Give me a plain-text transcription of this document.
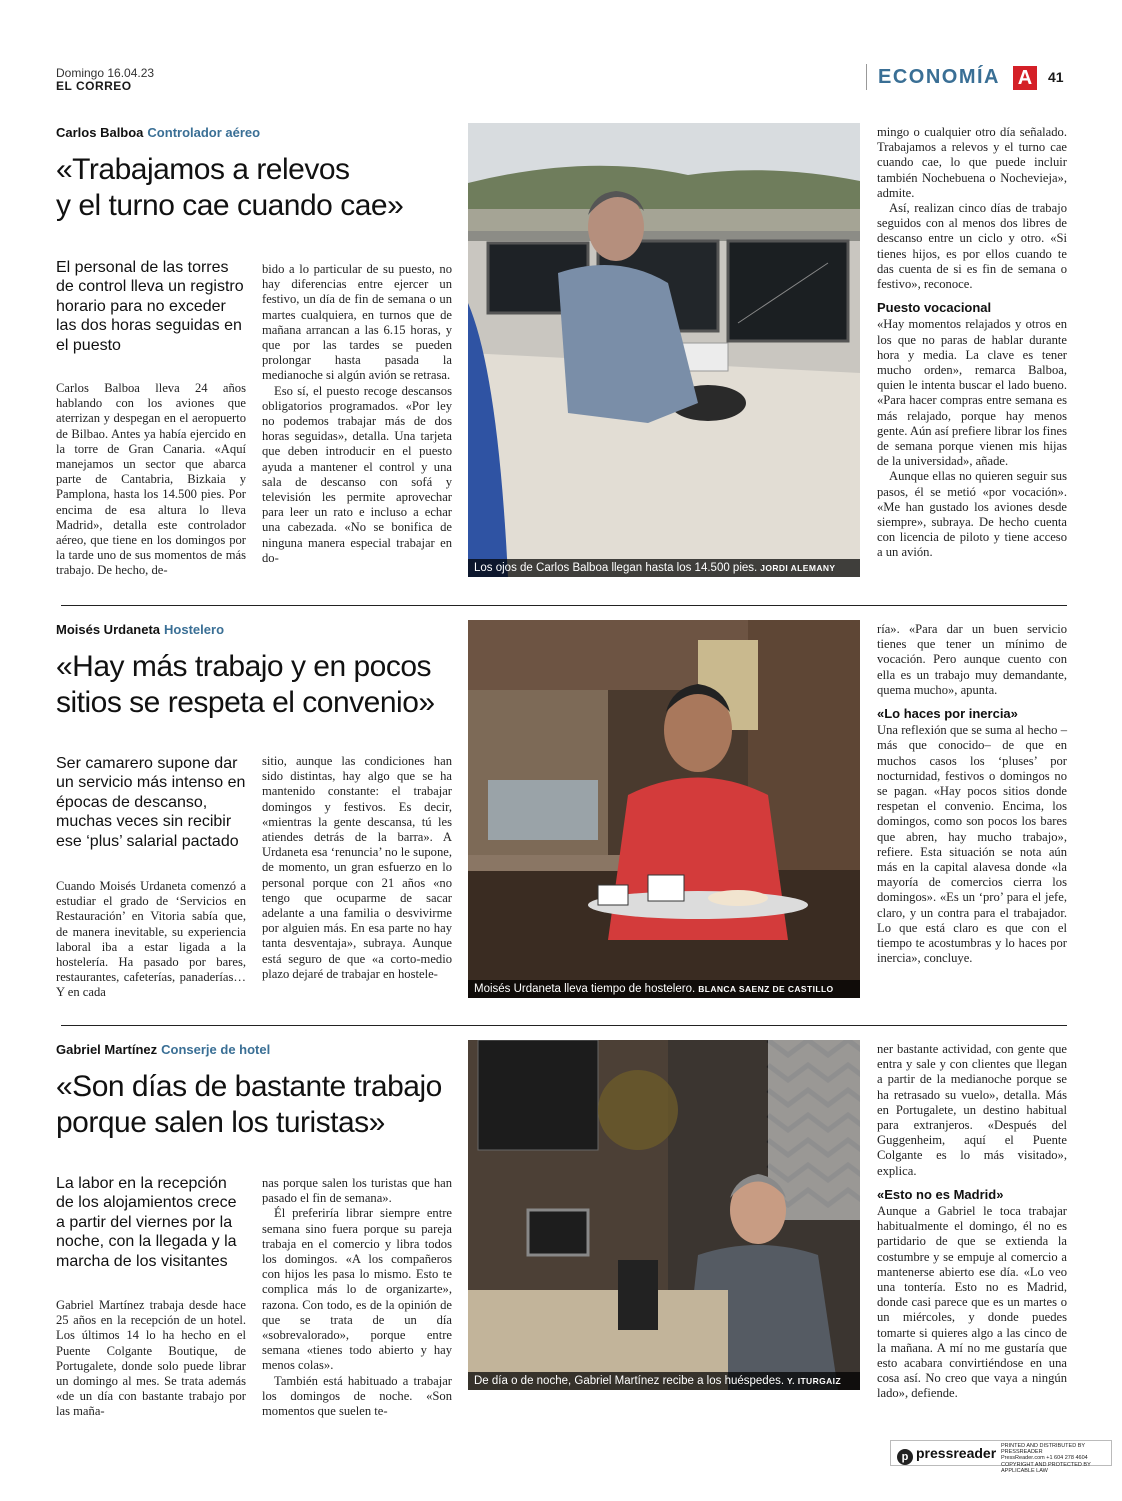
Domingo 16.04.23
EL CORREO	ECONOMÍA A	41
Carlos Balboa Controlador aéreo
«Trabajamos a relevos
y el turno cae cuando cae»
El personal de las torres de control lleva un registro horario para no exceder las dos horas seguidas en el puesto

Carlos Balboa lleva 24 años hablando con los aviones que aterrizan y despegan en el aeropuerto de Bilbao. Antes ya había ejercido en la torre de Gran Canaria. «Aquí manejamos un sector que abarca parte de Cantabria, Bizkaia y Pamplona, hasta los 14.500 pies. Por encima de esa altura lo lleva Madrid», detalla este controlador aéreo, que tiene en los domingos por la tarde uno de sus momentos de más trabajo. De hecho, de-

bido a lo particular de su puesto, no hay diferencias entre ejercer un festivo, un día de fin de semana o un martes cualquiera, en turnos que de mañana arrancan a las 6.15 horas, y que por las tardes se pueden prolongar hasta pasada la medianoche si algún avión se retrasa.

Eso sí, el puesto recoge descansos obligatorios programados. «Por ley no podemos trabajar más de dos horas seguidas», detalla. Una tarjeta que deben introducir en el puesto ayuda a mantener el control y una sala de descanso con sofá y televisión les permite aprovechar para leer un rato e incluso a echar una cabezada. «No se bonifica de ninguna manera especial trabajar en do-

Los ojos de Carlos Balboa llegan hasta los 14.500 pies. JORDI ALEMANY

mingo o cualquier otro día señalado. Trabajamos a relevos y el turno cae cuando cae, lo que puede incluir también Nochebuena o Nochevieja», admite.

Así, realizan cinco días de trabajo seguidos con al menos dos libres de descanso entre un ciclo y otro. «Si tienes hijos, es por ellos cuando te das cuenta de si es fin de semana o festivo», reconoce.

Puesto vocacional

«Hay momentos relajados y otros en los que no paras de hablar durante hora y media. La clave es tener mucho orden», remarca Balboa, quien le intenta buscar el lado bueno. «Para hacer compras entre semana es más relajado, porque hay menos gente. Aún así prefiere librar los fines de semana porque vienen mis hijas de la universidad», añade.

Aunque ellas no quieren seguir sus pasos, él se metió «por vocación». «Me han gustado los aviones desde siempre», subraya. De hecho cuenta con licencia de piloto y tiene acceso a un avión.

Moisés Urdaneta Hostelero
«Hay más trabajo y en pocos
sitios se respeta el convenio»
Ser camarero supone dar un servicio más intenso en épocas de descanso, muchas veces sin recibir ese ‘plus’ salarial pactado

Cuando Moisés Urdaneta comenzó a estudiar el grado de ‘Servicios en Restauración’ en Vitoria sabía que, de manera inevitable, su experiencia laboral iba a estar ligada a la hostelería. Ha pasado por bares, restaurantes, cafeterías, panaderías… Y en cada

sitio, aunque las condiciones han sido distintas, hay algo que se ha mantenido constante: el trabajar domingos y festivos. Es decir, «mientras la gente descansa, tú les atiendes detrás de la barra». A Urdaneta esa ‘renuncia’ no le supone, de momento, un gran esfuerzo en lo personal porque con 21 años «no tengo que ocuparme de sacar adelante a una familia o desvivirme por alguien más. En esa parte no hay tanta desventaja», subraya. Aunque está seguro de que «a corto-medio plazo dejaré de trabajar en hostele-

Moisés Urdaneta lleva tiempo de hostelero. BLANCA SAENZ DE CASTILLO

ría». «Para dar un buen servicio tienes que tener un mínimo de vocación. Pero aunque cuento con ella es un trabajo muy demandante, quema mucho», apunta.

«Lo haces por inercia»

Una reflexión que se suma al hecho –más que conocido– de que en muchos casos los ‘pluses’ por nocturnidad, festivos o domingos no se pagan. «Hay pocos sitios donde respetan el convenio. Encima, los domingos, como son pocos los bares que abren, hay mucho trabajo», refiere. Esta situación se nota aún más en la capital alavesa donde «la mayoría de comercios cierra los domingos». «Es un ‘pro’ para el jefe, claro, y un contra para el trabajador. Lo que está claro es que con el tiempo te acostumbras y lo haces por inercia», concluye.

Gabriel Martínez Conserje de hotel
«Son días de bastante trabajo
porque salen los turistas»
La labor en la recepción de los alojamientos crece a partir del viernes por la noche, con la llegada y la marcha de los visitantes

Gabriel Martínez trabaja desde hace 25 años en la recepción de un hotel. Los últimos 14 lo ha hecho en el Puente Colgante Boutique, de Portugalete, donde solo puede librar un domingo al mes. Se trata además «de un día con bastante trabajo por las maña-

nas porque salen los turistas que han pasado el fin de semana».

Él preferiría librar siempre entre semana sino fuera porque su pareja trabaja en el comercio y libra todos los domingos. «A los compañeros con hijos les pasa lo mismo. Esto te complica más lo de organizarte», razona. Con todo, es de la opinión de que se trata de un día «sobrevalorado», porque entre semana «tienes todo abierto y hay menos colas».

También está habituado a trabajar los domingos de noche. «Son momentos que suelen te-

De día o de noche, Gabriel Martínez recibe a los huéspedes. Y. ITURGAIZ

ner bastante actividad, con gente que entra y sale y con clientes que llegan a partir de la medianoche porque se ha retrasado su vuelo», detalla. Más en Portugalete, un destino habitual para extranjeros. «Después del Guggenheim, aquí el Puente Colgante es lo más visitado», explica.

«Esto no es Madrid»

Aunque a Gabriel le toca trabajar habitualmente el domingo, él no es partidario de que se extienda la costumbre y se empuje al comercio a mantenerse abierto ese día. «Lo veo una tontería. Esto no es Madrid, donde casi parece que es un martes o un miércoles, y donde puedes tomarte si quieres algo a las cinco de la mañana. A mí no me gustaría que esto acabara convirtiéndose en una cosa así. No creo que vaya a ningún lado», defiende.

p pressreader PRINTED AND DISTRIBUTED BY PRESSREADER
PressReader.com +1 604 278 4604
COPYRIGHT AND PROTECTED BY APPLICABLE LAW
